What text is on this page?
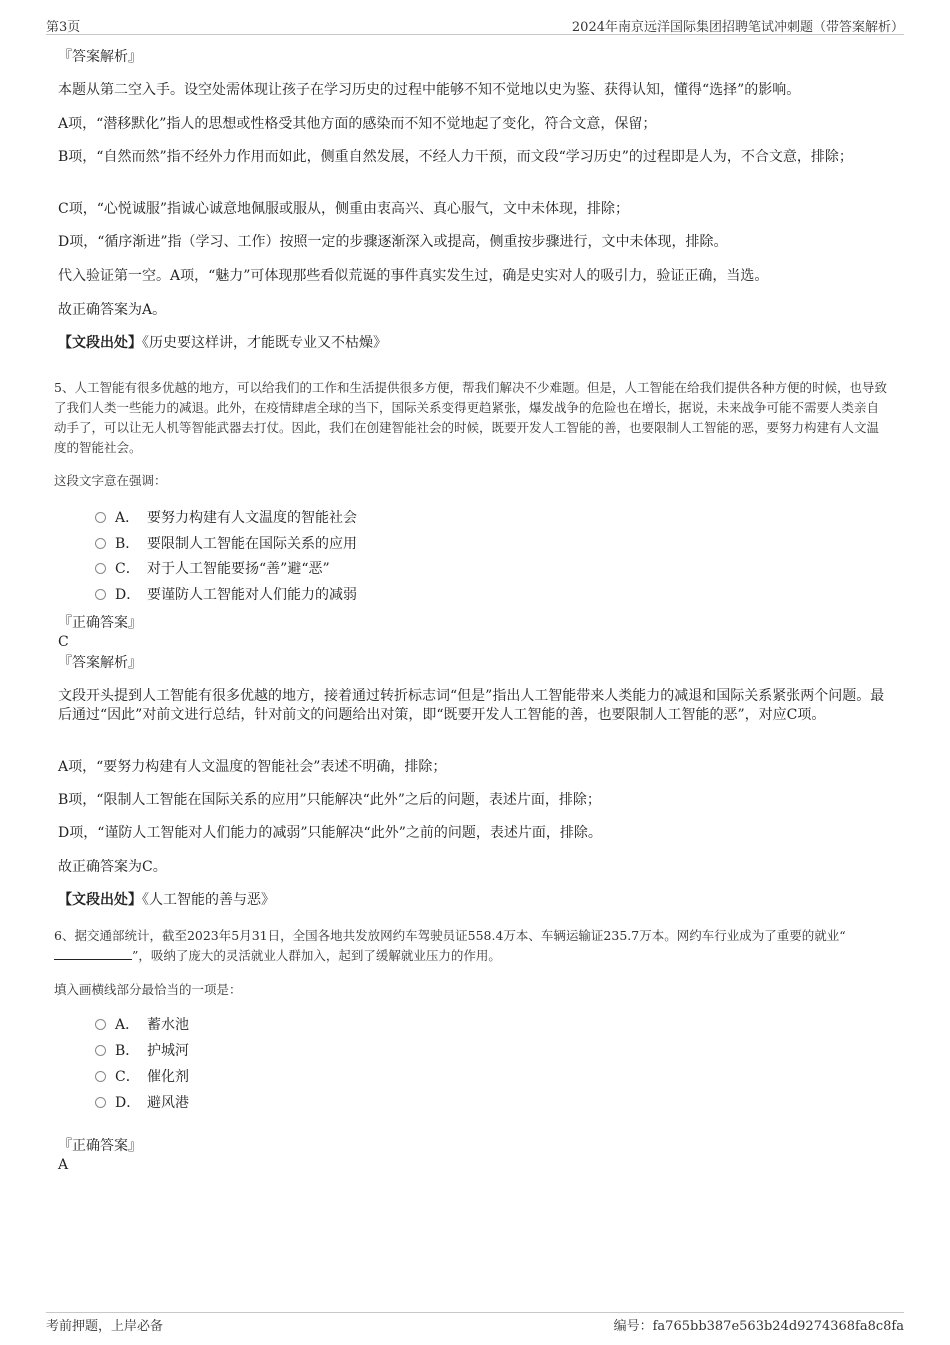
第3页	2024年南京远洋国际集团招聘笔试冲刺题（带答案解析）
『答案解析』
本题从第二空入手。设空处需体现让孩子在学习历史的过程中能够不知不觉地以史为鉴、获得认知，懂得“选择”的影响。
A项，“潜移默化”指人的思想或性格受其他方面的感染而不知不觉地起了变化，符合文意，保留；
B项，“自然而然”指不经外力作用而如此，侧重自然发展，不经人力干预，而文段“学习历史”的过程即是人为，不合文意，排除；
C项，“心悦诚服”指诚心诚意地佩服或服从，侧重由衷高兴、真心服气，文中未体现，排除；
D项，“循序渐进”指（学习、工作）按照一定的步骤逐渐深入或提高，侧重按步骤进行，文中未体现，排除。
代入验证第一空。A项，“魅力”可体现那些看似荒诞的事件真实发生过，确是史实对人的吸引力，验证正确，当选。
故正确答案为A。
【文段出处】《历史要这样讲，才能既专业又不枯燥》
5、人工智能有很多优越的地方，可以给我们的工作和生活提供很多方便，帮我们解决不少难题。但是，人工智能在给我们提供各种方便的时候，也导致了我们人类一些能力的减退。此外，在疫情肆虐全球的当下，国际关系变得更趋紧张，爆发战争的危险也在增长，据说，未来战争可能不需要人类亲自动手了，可以让无人机等智能武器去打仗。因此，我们在创建智能社会的时候，既要开发人工智能的善，也要限制人工智能的恶，要努力构建有人文温度的智能社会。
这段文字意在强调：
A． 要努力构建有人文温度的智能社会
B． 要限制人工智能在国际关系的应用
C． 对于人工智能要扬“善”避“恶”
D． 要谨防人工智能对人们能力的减弱
『正确答案』
C
『答案解析』
文段开头提到人工智能有很多优越的地方，接着通过转折标志词“但是”指出人工智能带来人类能力的减退和国际关系紧张两个问题。最后通过“因此”对前文进行总结，针对前文的问题给出对策，即“既要开发人工智能的善，也要限制人工智能的恶”，对应C项。
A项，“要努力构建有人文温度的智能社会”表述不明确，排除；
B项，“限制人工智能在国际关系的应用”只能解决“此外”之后的问题，表述片面，排除；
D项，“谨防人工智能对人们能力的减弱”只能解决“此外”之前的问题，表述片面，排除。
故正确答案为C。
【文段出处】《人工智能的善与恶》
6、据交通部统计，截至2023年5月31日，全国各地共发放网约车驾驶员证558.4万本、车辆运输证235.7万本。网约车行业成为了重要的就业“”，吸纳了庞大的灵活就业人群加入，起到了缓解就业压力的作用。
填入画横线部分最恰当的一项是：
A． 蓄水池
B． 护城河
C． 催化剂
D． 避风港
『正确答案』
A
考前押题，上岸必备	编号：fa765bb387e563b24d9274368fa8c8fa
